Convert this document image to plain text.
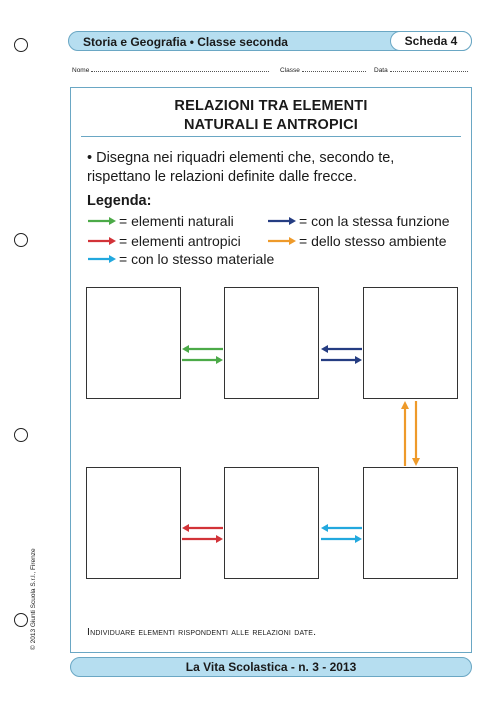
Storia e Geografia • Classe seconda	Scheda 4
Nome	Classe	Data
RELAZIONI TRA ELEMENTI
NATURALI E ANTROPICI
• Disegna nei riquadri elementi che, secondo te, rispettano le relazioni definite dalle frecce.
Legenda:
= elementi naturali
= elementi antropici
= con lo stesso materiale
= con la stessa funzione
= dello stesso ambiente
Individuare elementi rispondenti alle relazioni date.
© 2013 Giunti Scuola S.r.l., Firenze
La Vita Scolastica - n. 3 - 2013
